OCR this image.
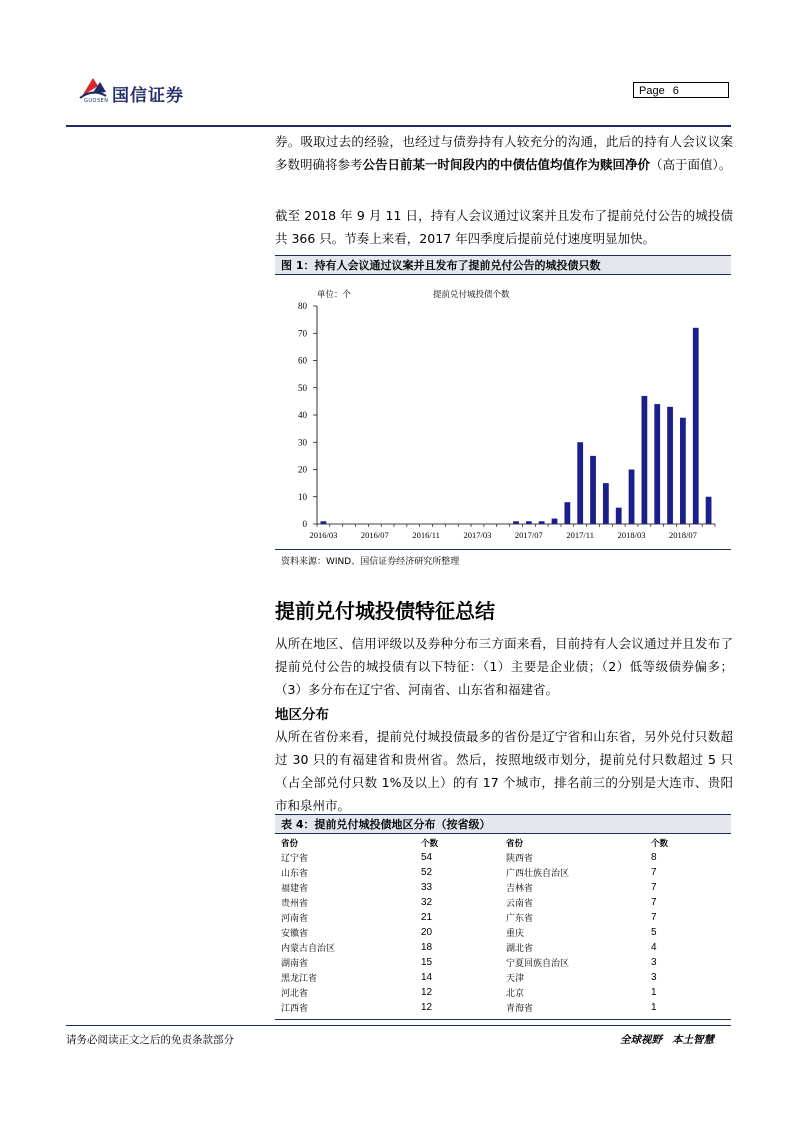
国信证券
GUOSEN
Page 6
券。吸取过去的经验，也经过与债券持有人较充分的沟通，此后的持有人会议议案多数明确将参考公告日前某一时间段内的中债估值均值作为赎回净价（高于面值）。
截至 2018 年 9 月 11 日，持有人会议通过议案并且发布了提前兑付公告的城投债共 366 只。节奏上来看，2017 年四季度后提前兑付速度明显加快。
图 1：持有人会议通过议案并且发布了提前兑付公告的城投债只数
单位：个	提前兑付城投债个数
0
10
20
30
40
50
60
70
80
2016/03	2016/07	2016/11	2017/03	2017/07	2017/11	2018/03	2018/07
资料来源：WIND、国信证券经济研究所整理
提前兑付城投债特征总结
从所在地区、信用评级以及券种分布三方面来看，目前持有人会议通过并且发布了提前兑付公告的城投债有以下特征：（1）主要是企业债；（2）低等级债券偏多；（3）多分布在辽宁省、河南省、山东省和福建省。
地区分布
从所在省份来看，提前兑付城投债最多的省份是辽宁省和山东省，另外兑付只数超过 30 只的有福建省和贵州省。然后，按照地级市划分，提前兑付只数超过 5 只（占全部兑付只数 1%及以上）的有 17 个城市，排名前三的分别是大连市、贵阳市和泉州市。
表 4：提前兑付城投债地区分布（按省级）
省份	个数	省份	个数
辽宁省	54	陕西省	8
山东省	52	广西壮族自治区	7
福建省	33	吉林省	7
贵州省	32	云南省	7
河南省	21	广东省	7
安徽省	20	重庆	5
内蒙古自治区	18	湖北省	4
湖南省	15	宁夏回族自治区	3
黑龙江省	14	天津	3
河北省	12	北京	1
江西省	12	青海省	1
请务必阅读正文之后的免责条款部分	全球视野 本土智慧
